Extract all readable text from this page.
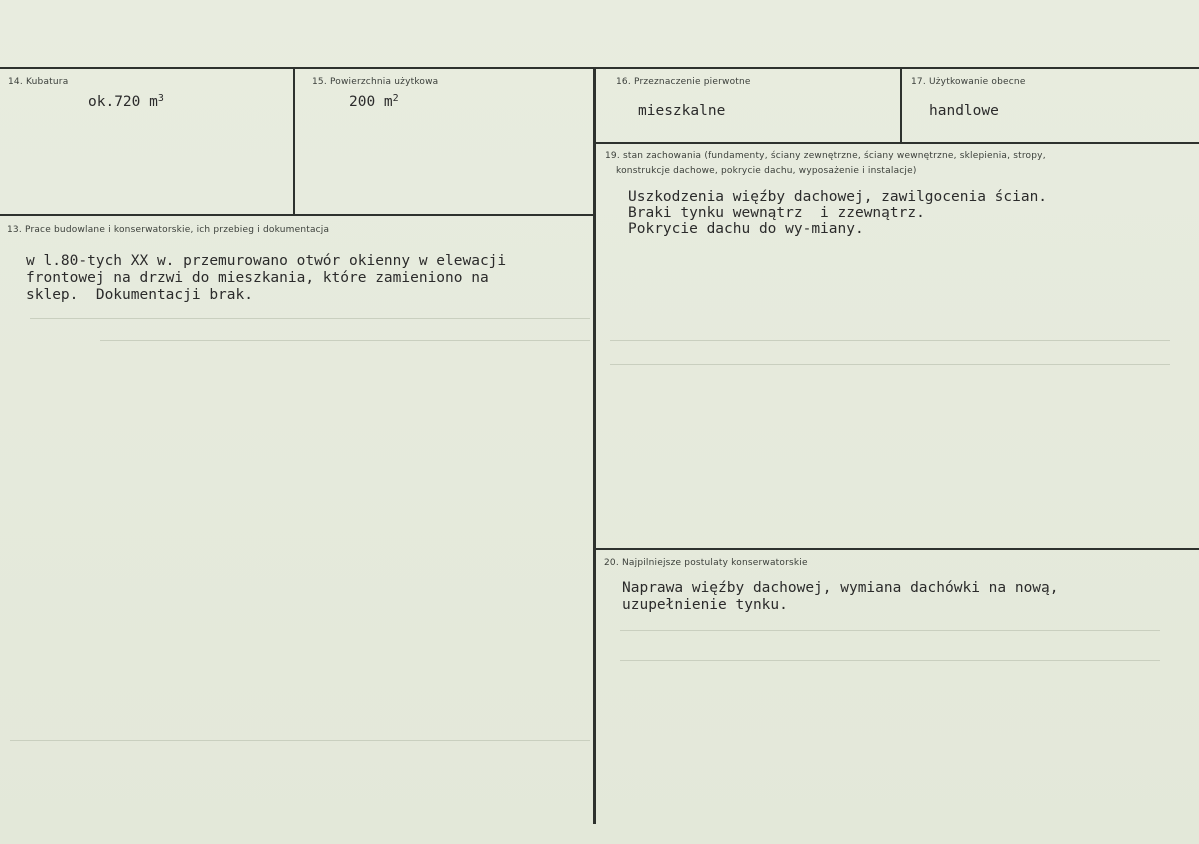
14. Kubatura
ok.720 $m^3$
15. Powierzchnia użytkowa
200 $m^2$
16. Przeznaczenie pierwotne
mieszkalne
17. Użytkowanie obecne
handlowe
13. Prace budowlane i konserwatorskie, ich przebieg i dokumentacja
w l.80-tych XX w. przemurowano otwór okienny w elewacji
frontowej na drzwi do mieszkania, które zamieniono na
sklep.  Dokumentacji brak.
19. stan zachowania (fundamenty, ściany zewnętrzne, ściany wewnętrzne, sklepienia, stropy,
konstrukcje dachowe, pokrycie dachu, wyposażenie i instalacje)
Uszkodzenia więźby dachowej, zawilgocenia ścian.
Braki tynku wewnątrz  i zzewnątrz.
Pokrycie dachu do wy-miany.
20. Najpilniejsze postulaty konserwatorskie
Naprawa więźby dachowej, wymiana dachówki na nową,
uzupełnienie tynku.
